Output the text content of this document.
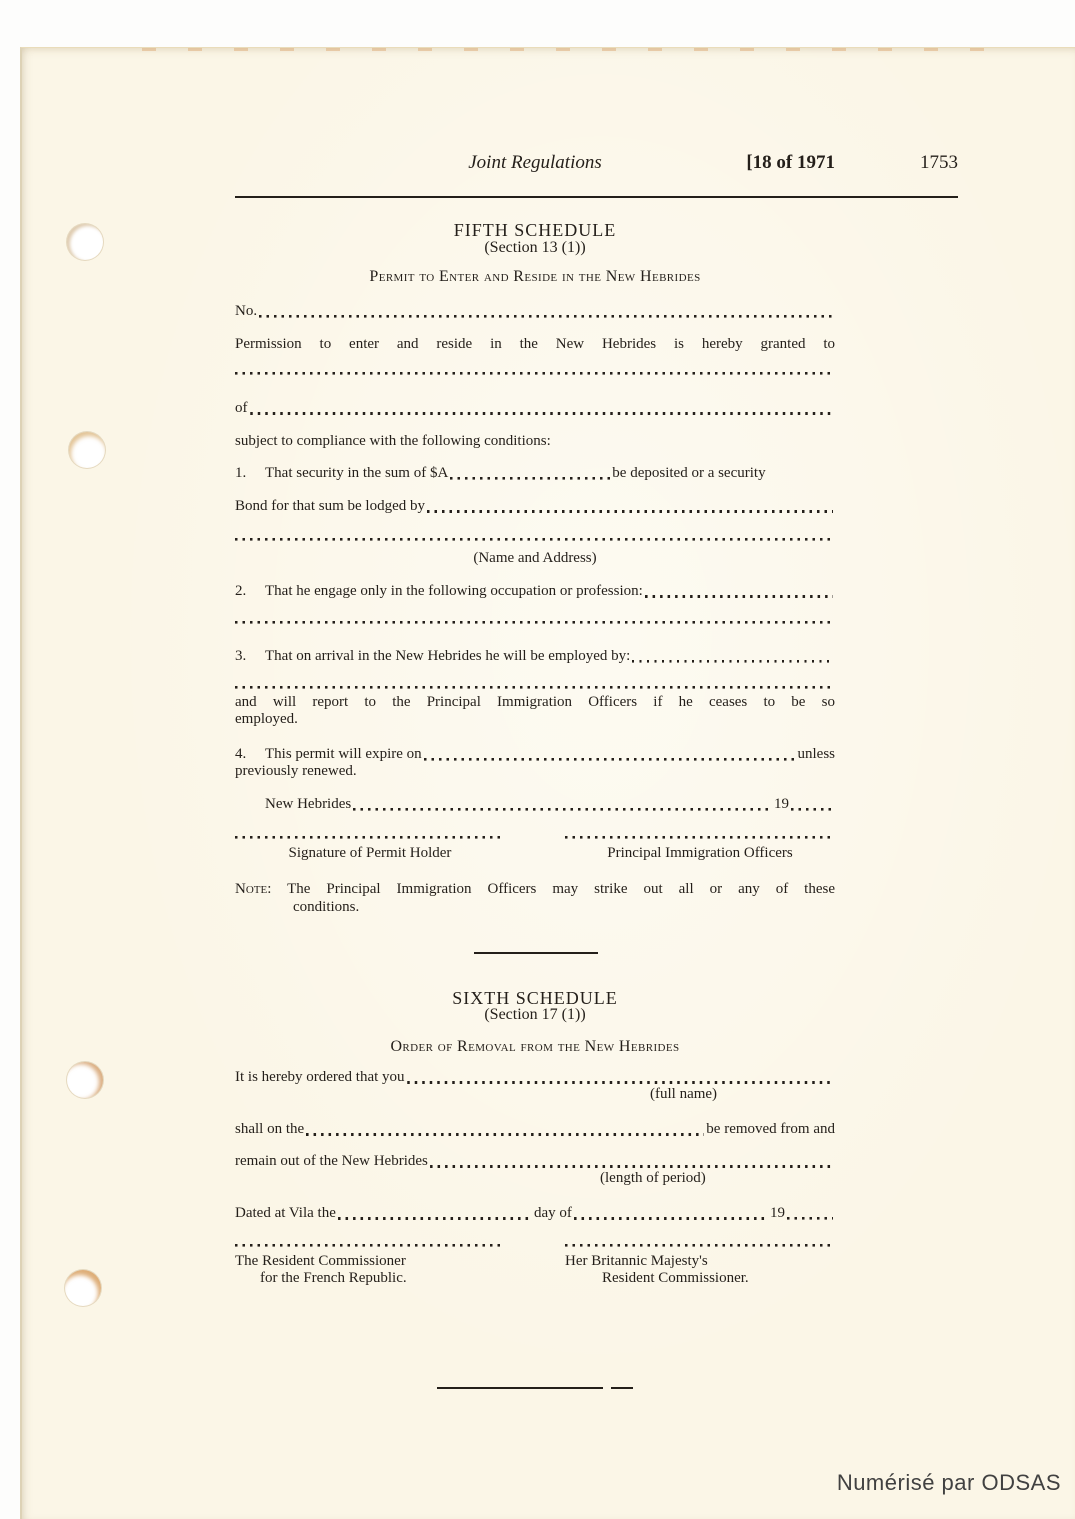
Joint Regulations	[18 of 1971	1753
FIFTH SCHEDULE
(Section 13 (1))
Permit to Enter and Reside in the New Hebrides
No.
Permission to enter and reside in the New Hebrides is hereby granted to
of
subject to compliance with the following conditions:
1.	That security in the sum of $A	be deposited or a security
Bond for that sum be lodged by
(Name and Address)
2.	That he engage only in the following occupation or profession:
3.	That on arrival in the New Hebrides he will be employed by:
and will report to the Principal Immigration Officers if he ceases to be so
employed.
4.	This permit will expire on	unless
previously renewed.
New Hebrides	19
Signature of Permit Holder	Principal Immigration Officers
Note: The Principal Immigration Officers may strike out all or any of these
conditions.
SIXTH SCHEDULE
(Section 17 (1))
Order of Removal from the New Hebrides
It is hereby ordered that you
(full name)
shall on the	be removed from and
remain out of the New Hebrides
(length of period)
Dated at Vila the	day of	19
The Resident Commissioner
for the French Republic.
Her Britannic Majesty's
Resident Commissioner.
Numérisé par ODSAS
